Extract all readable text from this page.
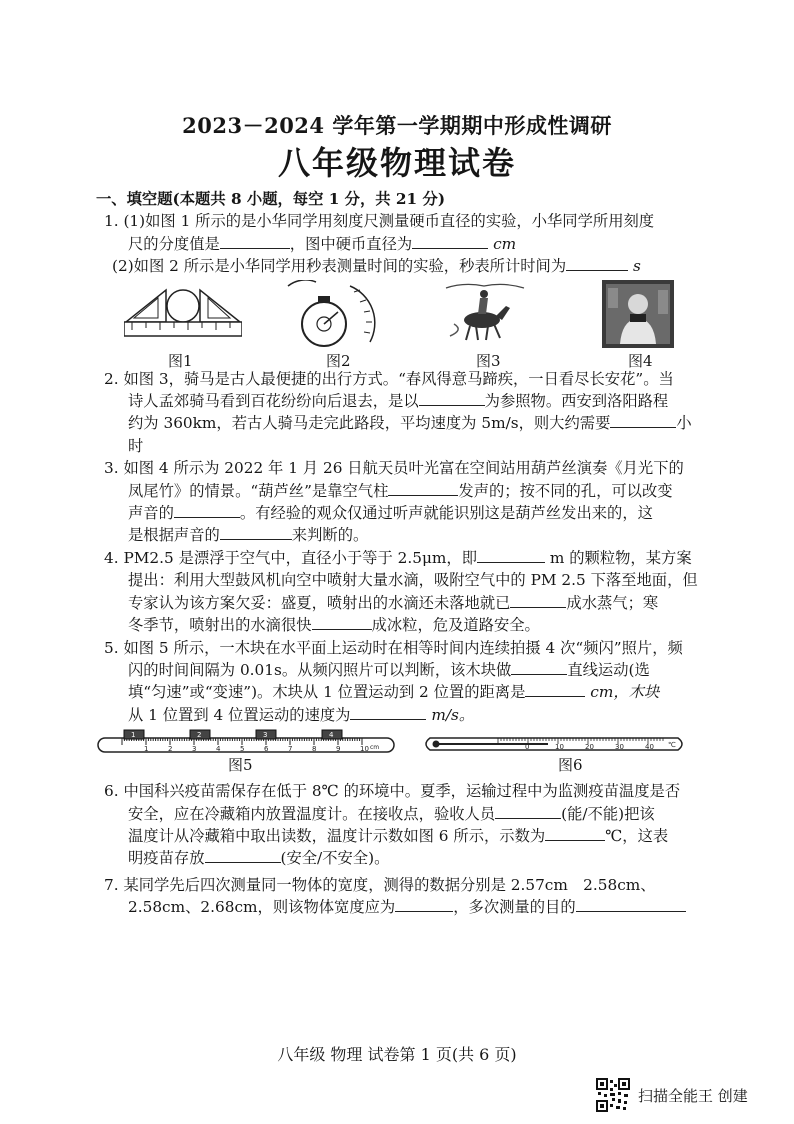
2023－2024 学年第一学期期中形成性调研
八年级物理试卷
一、填空题(本题共 8 小题，每空 1 分，共 21 分)
1. (1)如图 1 所示的是小华同学用刻度尺测量硬币直径的实验，小华同学所用刻度
尺的分度值是	，图中硬币直径为	cm
(2)如图 2 所示是小华同学用秒表测量时间的实验，秒表所计时间为	s
图1	图2	图3	图4
2. 如图 3，骑马是古人最便捷的出行方式。“春风得意马蹄疾，一日看尽长安花”。当
诗人孟郊骑马看到百花纷纷向后退去，是以	为参照物。西安到洛阳路程
约为 360km，若古人骑马走完此路段，平均速度为 5m/s，则大约需要	小时
3. 如图 4 所示为 2022 年 1 月 26 日航天员叶光富在空间站用葫芦丝演奏《月光下的
凤尾竹》的情景。“葫芦丝”是靠空气柱	发声的；按不同的孔，可以改变
声音的	。有经验的观众仅通过听声就能识别这是葫芦丝发出来的，这
是根据声音的	来判断的。
4. PM2.5 是漂浮于空气中，直径小于等于 2.5μm，即	m 的颗粒物，某方案
提出：利用大型鼓风机向空中喷射大量水滴，吸附空气中的 PM 2.5 下落至地面，但
专家认为该方案欠妥：盛夏，喷射出的水滴还未落地就已	成水蒸气；寒
冬季节，喷射出的水滴很快	成冰粒，危及道路安全。
5. 如图 5 所示，一木块在水平面上运动时在相等时间内连续拍摄 4 次“频闪”照片，频
闪的时间间隔为 0.01s。从频闪照片可以判断，该木块做	直线运动(选
填“匀速”或“变速”)。木块从 1 位置运动到 2 位置的距离是	cm，木块
从 1 位置到 4 位置运动的速度为	m/s。
1	2	3	4
1	2	3	4	5	6	7	8	9	10 cm	0	10	20	30	40 ℃
图5	图6
6. 中国科兴疫苗需保存在低于 8℃ 的环境中。夏季，运输过程中为监测疫苗温度是否
安全，应在冷藏箱内放置温度计。在接收点，验收人员	(能/不能)把该
温度计从冷藏箱中取出读数，温度计示数如图 6 所示，示数为	℃，这表
明疫苗存放	(安全/不安全)。
7. 某同学先后四次测量同一物体的宽度，测得的数据分别是 2.57cm　2.58cm、
2.58cm、2.68cm，则该物体宽度应为	，多次测量的目的
八年级 物理 试卷第 1 页(共 6 页)
扫描全能王 创建
